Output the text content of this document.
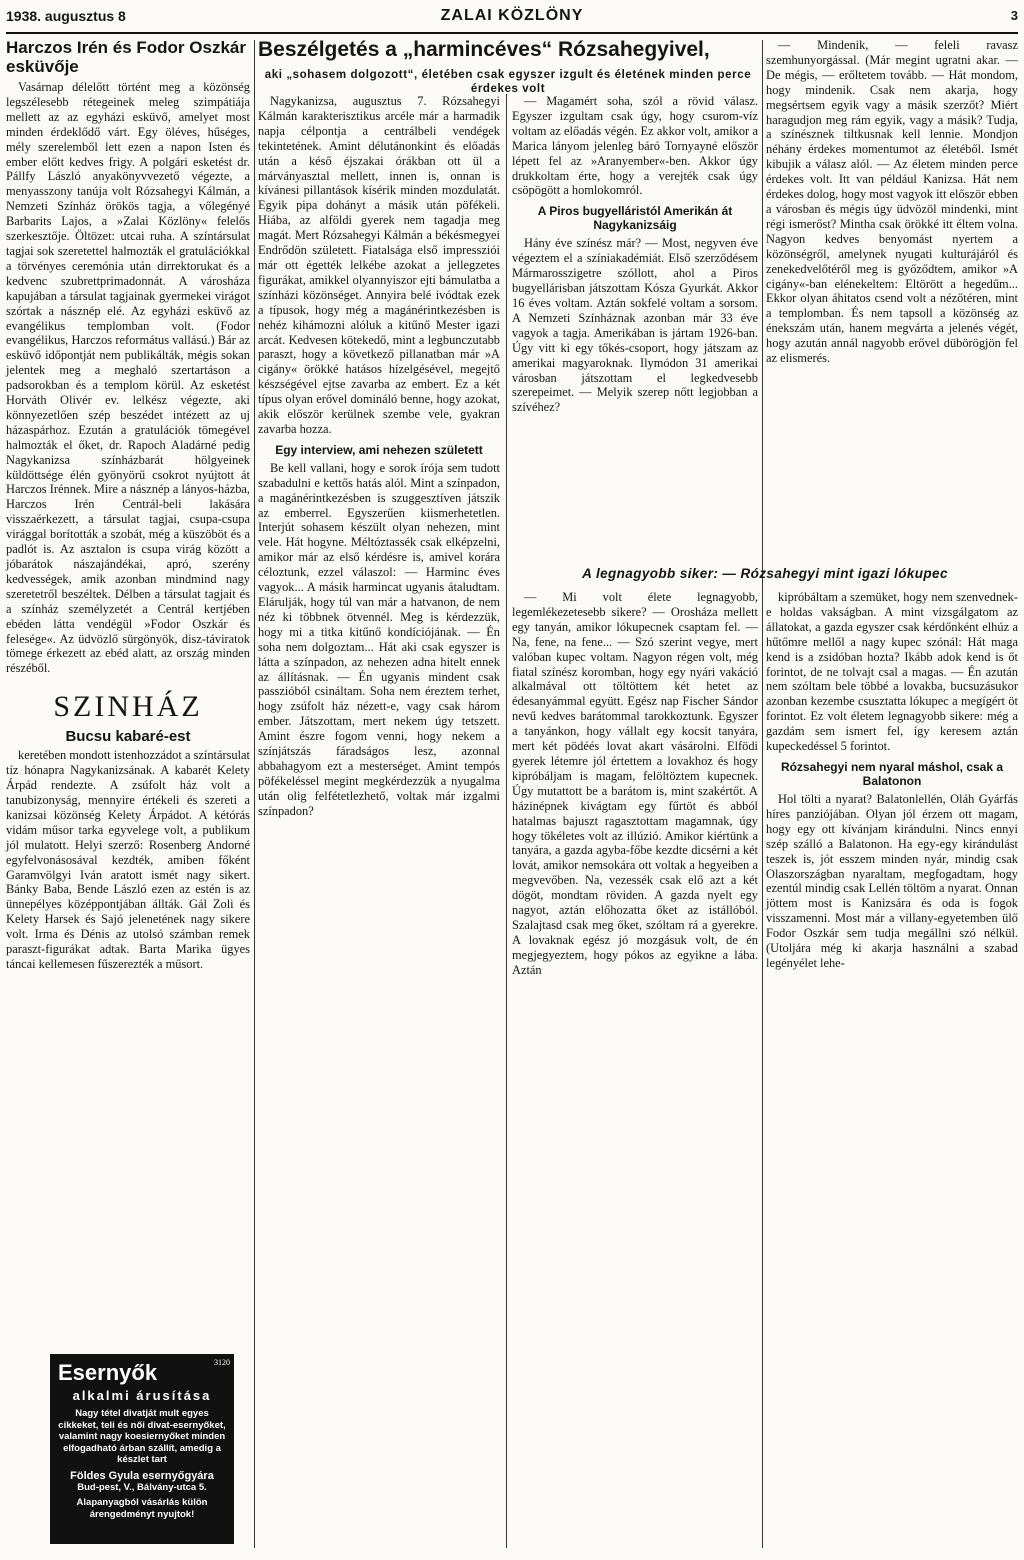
1938. augusztus 8	ZALAI KÖZLÖNY	3
Harczos Irén és Fodor Oszkár esküvője

Vasárnap délelőtt történt meg a közönség legszélesebb rétegeinek meleg szimpátiája mellett az az egyházi esküvő, amelyet most minden érdeklődő várt. Egy öléves, hűséges, mély szerelemből lett ezen a napon Isten és ember előtt kedves frigy. A polgári esketést dr. Pállfy László anyakönyvvezető végezte, a menyasszony tanúja volt Rózsahegyi Kálmán, a Nemzeti Színház örökös tagja, a vőlegényé Barbarits Lajos, a »Zalai Közlöny« felelős szerkesztője. Öltözet: utcai ruha. A színtársulat tagjai sok szeretettel halmozták el gratulációkkal a törvényes ceremónia után dirrektorukat és a kedvenc szubrettprimadonnát. A városháza kapujában a társulat tagjainak gyermekei virágot szórtak a násznép elé. Az egyházi esküvő az evangélikus templomban volt. (Fodor evangélikus, Harczos református vallású.) Bár az esküvő időpontját nem publikálták, mégis sokan jelentek meg a meghaló szertartáson a padsorokban és a templom körül. Az esketést Horváth Olivér ev. lelkész végezte, aki könnyezetlően szép beszédet intézett az uj házaspárhoz. Ezután a gratulációk tömegével halmozták el őket, dr. Rapoch Aladárné pedig Nagykanizsa színházbarát hölgyeinek küldöttsége élén gyönyörű csokrot nyújtott át Harczos Irénnek. Mire a násznép a lányos-házba, Harczos Irén Centrál-beli lakására visszaérkezett, a társulat tagjai, csupa-csupa virággal borították a szobát, még a küszöböt és a padlót is. Az asztalon is csupa virág között a jóbarátok nászajándékai, apró, szerény kedvességek, amik azonban mindmind nagy szeretetről beszéltek. Délben a társulat tagjait és a színház személyzetét a Centrál kertjében ebéden látta vendégül »Fodor Oszkár és felesége«. Az üdvözlő sürgönyök, disz-táviratok tömege érkezett az ebéd alatt, az ország minden részéből.

SZINHÁZ
Bucsu kabaré-est

keretében mondott istenhozzádot a színtársulat tíz hónapra Nagykanizsának. A kabarét Kelety Árpád rendezte. A zsúfolt ház volt a tanubizonyság, mennyire értékeli és szereti a kanizsai közönség Kelety Árpádot. A kétórás vidám műsor tarka egyvelege volt, a publikum jól mulatott. Helyi szerző: Rosenberg Andorné egyfelvonásosával kezdték, amiben főként Garamvölgyi Iván aratott ismét nagy sikert. Bánky Baba, Bende László ezen az estén is az ünnepélyes középpontjában állták. Gál Zoli és Kelety Harsek és Sajó jelenetének nagy sikere volt. Irma és Dénis az utolsó számban remek paraszt-figurákat adtak. Barta Marika ügyes táncai kellemesen fűszerezték a műsort.

3120
Esernyők
alkalmi árusítása
Nagy tétel divatját mult egyes cikkeket, teli és női divat-esernyőket, valamint nagy koesiernyőket minden elfogadható árban szállít, amedig a készlet tart
Földes Gyula esernyőgyára
Bud-pest, V., Bálvány-utca 5.
Alapanyagból vásárlás külön árengedményt nyujtok!
Beszélgetés a „harmincéves“ Rózsahegyivel,
aki „sohasem dolgozott“, életében csak egyszer izgult és életének minden perce érdekes volt

Nagykanizsa, augusztus 7. Rózsahegyi Kálmán karakterisztikus arcéle már a harmadik napja célpontja a centrálbeli vendégek tekintetének. Amint délutánonkint és előadás után a késő éjszakai órákban ott ül a márványasztal mellett, innen is, onnan is kívánesi pillantások kísérik minden mozdulatát. Egyik pipa dohányt a másik után pöfékeli. Hiába, az alföldi gyerek nem tagadja meg magát. Mert Rózsahegyi Kálmán a békésmegyei Endrődön született. Fiatalsága első impressziói már ott égették lelkébe azokat a jellegzetes figurákat, amikkel olyannyiszor ejti bámulatba a színházi közönséget. Annyira belé ivódtak ezek a típusok, hogy még a magánérintkezésben is nehéz kihámozni alóluk a kitűnő Mester igazi arcát. Kedvesen kötekedő, mint a legbunczutabb paraszt, hogy a következő pillanatban már »A cigány« örökké hatásos hízelgésével, megejtő készségével ejtse zavarba az embert. Ez a két típus olyan erővel domináló benne, hogy azokat, akik először kerülnek szembe vele, gyakran zavarba hozza.

Egy interview, ami nehezen született

Be kell vallani, hogy e sorok írója sem tudott szabadulni e kettős hatás alól. Mint a színpadon, a magánérintkezésben is szuggesztíven játszik az emberrel. Egyszerűen kiismerhetetlen. Interjút sohasem készült olyan nehezen, mint vele. Hát hogyne. Méltóztassék csak elképzelni, amikor már az első kérdésre is, amivel korára céloztunk, ezzel válaszol: — Harminc éves vagyok... A másik harmincat ugyanis átaludtam. Elárulják, hogy túl van már a hatvanon, de nem néz ki többnek ötvennél. Meg is kérdezzük, hogy mi a titka kitűnő kondíciójának. — Én soha nem dolgoztam... Hát aki csak egyszer is látta a színpadon, az nehezen adna hitelt ennek az állításnak. — Én ugyanis mindent csak passzióból csináltam. Soha nem éreztem terhet, hogy zsúfolt ház nézett-e, vagy csak három ember. Játszottam, mert nekem úgy tetszett. Amint észre fogom venni, hogy nekem a színjátszás fáradságos lesz, azonnal abbahagyom ezt a mesterséget. Amint tempós pöfékeléssel megint megkérdezzük a nyugalma után olig felfétetlezhető, voltak már izgalmi színpadon?

— Magamért soha, szól a rövid válasz. Egyszer izgultam csak úgy, hogy csurom-víz voltam az előadás végén. Ez akkor volt, amikor a Marica lányom jelenleg báró Tornyayné először lépett fel az »Aranyember«-ben. Akkor úgy drukkoltam érte, hogy a verejték csak úgy csöpögött a homlokomról.

A Piros bugyelláristól Amerikán át Nagykanizsáig

Hány éve színész már? — Most, negyven éve végeztem el a színiakadémiát. Első szerződésem Mármarosszigetre szóllott, ahol a Piros bugyellárisban játszottam Kósza Gyurkát. Akkor 16 éves voltam. Aztán sokfelé voltam a sorsom. A Nemzeti Színháznak azonban már 33 éve vagyok a tagja. Amerikában is jártam 1926-ban. Úgy vitt ki egy tőkés-csoport, hogy játszam az amerikai magyaroknak. Ilymódon 31 amerikai városban játszottam el legkedvesebb szerepeimet. — Melyik szerep nőtt legjobban a szívéhez?

— Mindenik, — feleli ravasz szemhunyorgással. (Már megint ugratni akar. — De mégis, — erőltetem tovább. — Hát mondom, hogy mindenik. Csak nem akarja, hogy megsértsem egyik vagy a másik szerzőt? Miért haragudjon meg rám egyik, vagy a másik? Tudja, a színésznek tiltkusnak kell lennie. Mondjon néhány érdekes momentumot az életéből. Ismét kibujik a válasz alól. — Az életem minden perce érdekes volt. Itt van például Kanizsa. Hát nem érdekes dolog, hogy most vagyok itt először ebben a városban és mégis úgy üdvözöl mindenki, mint régi ismerőst? Mintha csak örökké itt éltem volna. Nagyon kedves benyomást nyertem a közönségről, amelynek nyugati kulturájáról és zenekedvelőtéről meg is győződtem, amikor »A cigány«-ban elénekeltem: Eltörött a hegedűm... Ekkor olyan áhitatos csend volt a nézőtéren, mint a templomban. És nem tapsoll a közönség az énekszám után, hanem megvárta a jelenés végét, hogy azután annál nagyobb erővel dübörögjön fel az elismerés.

A legnagyobb siker: — Rózsahegyi mint igazi lókupec

— Mi volt élete legnagyobb, legemlékezetesebb sikere? — Orosháza mellett egy tanyán, amikor lókupecnek csaptam fel. — Na, fene, na fene... — Szó szerint vegye, mert valóban kupec voltam. Nagyon régen volt, még fiatal színész koromban, hogy egy nyári vakáció alkalmával ott töltöttem két hetet az édesanyámmal együtt. Egész nap Fischer Sándor nevű kedves barátommal tarokkoztunk. Egyszer a tanyánkon, hogy vállalt egy kocsit tanyára, mert két pödéés lovat akart vásárolni. Elfödi gyerek létemre jól értettem a lovakhoz és hogy kipróbáljam is magam, felöltöztem kupecnek. Úgy mutattott be a barátom is, mint szakértőt. A házinépnek kivágtam egy fűrtöt és abból hatalmas bajuszt ragasztottam magamnak, úgy hogy tökéletes volt az illúzió. Amikor kiértünk a tanyára, a gazda agyba-főbe kezdte dicsérni a két lovát, amikor nemsokára ott voltak a hegyeiben a megvevőben. Na, vezessék csak elő azt a két dögöt, mondtam röviden. A gazda nyelt egy nagyot, aztán előhozatta őket az istállóból. Szalajtasd csak meg őket, szóltam rá a gyerekre. A lovaknak egész jó mozgásuk volt, de én megjegyeztem, hogy pókos az egyikne a lába. Aztán

kipróbáltam a szemüket, hogy nem szenvednek-e holdas vakságban. A mint vizsgálgatom az állatokat, a gazda egyszer csak kérdőnként elhúz a hűtőmre mellől a nagy kupec szónál: Hát maga kend is a zsidóban hozta? Ikább adok kend is őt forintot, de ne tolvajt csal a magas. — Én azután nem szóltam bele többé a lovakba, bucsuzásukor azonban kezembe csusztatta lókupec a megígért öt forintot. Ez volt életem legnagyobb sikere: még a gazdám sem ismert fel, így keresem aztán kupeckedéssel 5 forintot.

Rózsahegyi nem nyaral máshol, csak a Balatonon

Hol tölti a nyarat? Balatonlellén, Oláh Gyárfás híres panziójában. Olyan jól érzem ott magam, hogy egy ott kívánjam kirándulni. Nincs ennyi szép szálló a Balatonon. Ha egy-egy kirándulást teszek is, jót esszem minden nyár, mindig csak Olaszországban nyaraltam, megfogadtam, hogy ezentúl mindig csak Lellén töltöm a nyarat. Onnan jöttem most is Kanizsára és oda is fogok visszamenni. Most már a villany-egyetemben ülő Fodor Oszkár sem tudja megállni szó nélkül. (Utoljára még ki akarja használni a szabad legényélet lehe-
